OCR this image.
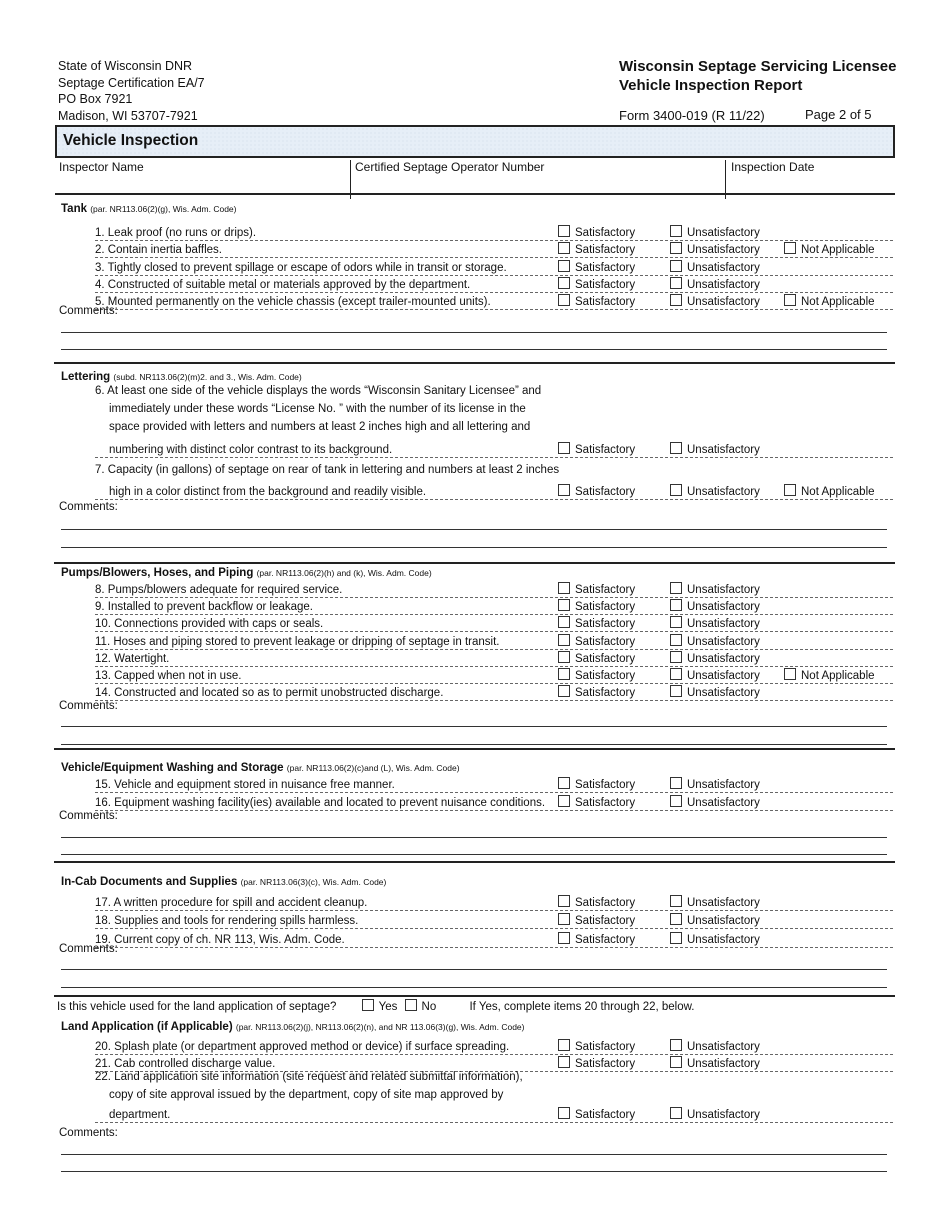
State of Wisconsin DNR
Septage Certification EA/7
PO Box 7921
Madison, WI 53707-7921
Wisconsin Septage Servicing Licensee
Vehicle Inspection Report
Form 3400-019 (R 11/22)	Page 2 of 5
Vehicle Inspection
Inspector Name	Certified Septage Operator Number	Inspection Date
Is this vehicle used for the land application of septage?	Yes No	If Yes, complete items 20 through 22, below.
Tank (par. NR113.06(2)(g), Wis. Adm. Code)
1. Leak proof (no runs or drips).	Satisfactory	Unsatisfactory
2. Contain inertia baffles.	Satisfactory	Unsatisfactory	Not Applicable
3. Tightly closed to prevent spillage or escape of odors while in transit or storage.	Satisfactory	Unsatisfactory
4. Constructed of suitable metal or materials approved by the department.	Satisfactory	Unsatisfactory
5. Mounted permanently on the vehicle chassis (except trailer-mounted units).	Satisfactory	Unsatisfactory	Not Applicable
Comments:
Lettering (subd. NR113.06(2)(m)2. and 3., Wis. Adm. Code)
6. At least one side of the vehicle displays the words “Wisconsin Sanitary Licensee” and
immediately under these words “License No. ” with the number of its license in the
space provided with letters and numbers at least 2 inches high and all lettering and
numbering with distinct color contrast to its background.	Satisfactory	Unsatisfactory
7. Capacity (in gallons) of septage on rear of tank in lettering and numbers at least 2 inches
high in a color distinct from the background and readily visible.	Satisfactory	Unsatisfactory	Not Applicable
Comments:
Pumps/Blowers, Hoses, and Piping (par. NR113.06(2)(h) and (k), Wis. Adm. Code)
8. Pumps/blowers adequate for required service.	Satisfactory	Unsatisfactory
9. Installed to prevent backflow or leakage.	Satisfactory	Unsatisfactory
10. Connections provided with caps or seals.	Satisfactory	Unsatisfactory
11. Hoses and piping stored to prevent leakage or dripping of septage in transit.	Satisfactory	Unsatisfactory
12. Watertight.	Satisfactory	Unsatisfactory
13. Capped when not in use.	Satisfactory	Unsatisfactory	Not Applicable
14. Constructed and located so as to permit unobstructed discharge.	Satisfactory	Unsatisfactory
Comments:
Vehicle/Equipment Washing and Storage (par. NR113.06(2)(c)and (L), Wis. Adm. Code)
15. Vehicle and equipment stored in nuisance free manner.	Satisfactory	Unsatisfactory
16. Equipment washing facility(ies) available and located to prevent nuisance conditions.	Satisfactory	Unsatisfactory
Comments:
In-Cab Documents and Supplies (par. NR113.06(3)(c), Wis. Adm. Code)
17. A written procedure for spill and accident cleanup.	Satisfactory	Unsatisfactory
18. Supplies and tools for rendering spills harmless.	Satisfactory	Unsatisfactory
19. Current copy of ch. NR 113, Wis. Adm. Code.	Satisfactory	Unsatisfactory
Comments:
Land Application (if Applicable) (par. NR113.06(2)(j), NR113.06(2)(n), and NR 113.06(3)(g), Wis. Adm. Code)
20. Splash plate (or department approved method or device) if surface spreading.	Satisfactory	Unsatisfactory
21. Cab controlled discharge value.	Satisfactory	Unsatisfactory
22. Land application site information (site request and related submittal information),
copy of site approval issued by the department, copy of site map approved by
department.	Satisfactory	Unsatisfactory
Comments:
